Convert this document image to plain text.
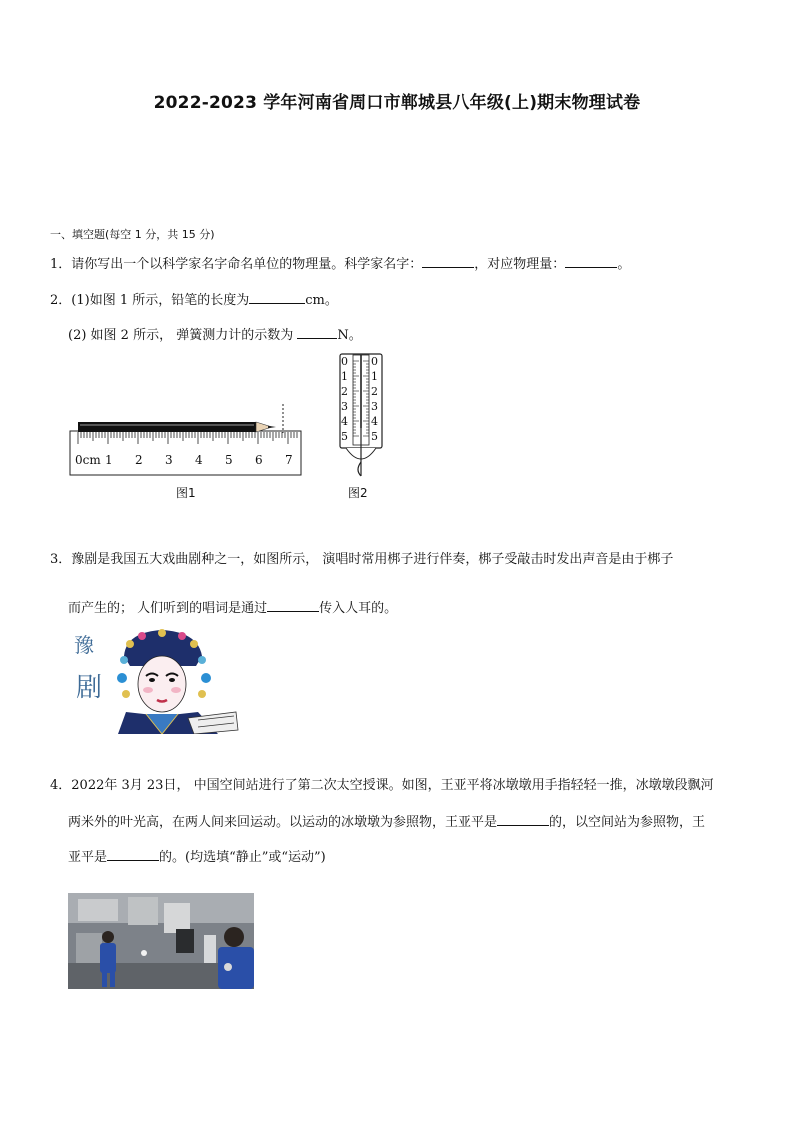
2022-2023 学年河南省周口市郸城县八年级(上)期末物理试卷
一、填空题(每空 1 分，共 15 分)
1．请你写出一个以科学家名字命名单位的物理量。科学家名字：	，对应物理量：	。
2．(1)如图 1 所示，铅笔的长度为	cm。
(2) 如图 2 所示， 弹簧测力计的示数为	N。
0cm 1 2 3 4 5 6 7
图1
0
1
2
3
4
5
0
1
2
3
4
5
图2
3．豫剧是我国五大戏曲剧种之一，如图所示， 演唱时常用梆子进行伴奏，梆子受敲击时发出声音是由于梆子
而产生的； 人们听到的唱词是通过	传入人耳的。
豫
剧
4．2022年 3月 23日， 中国空间站进行了第二次太空授课。如图，王亚平将冰墩墩用手指轻轻一推，冰墩墩段飘河
两米外的叶光高，在两人间来回运动。以运动的冰墩墩为参照物，王亚平是	的，以空间站为参照物，王
亚平是	的。(均选填“静止”或“运动”)
